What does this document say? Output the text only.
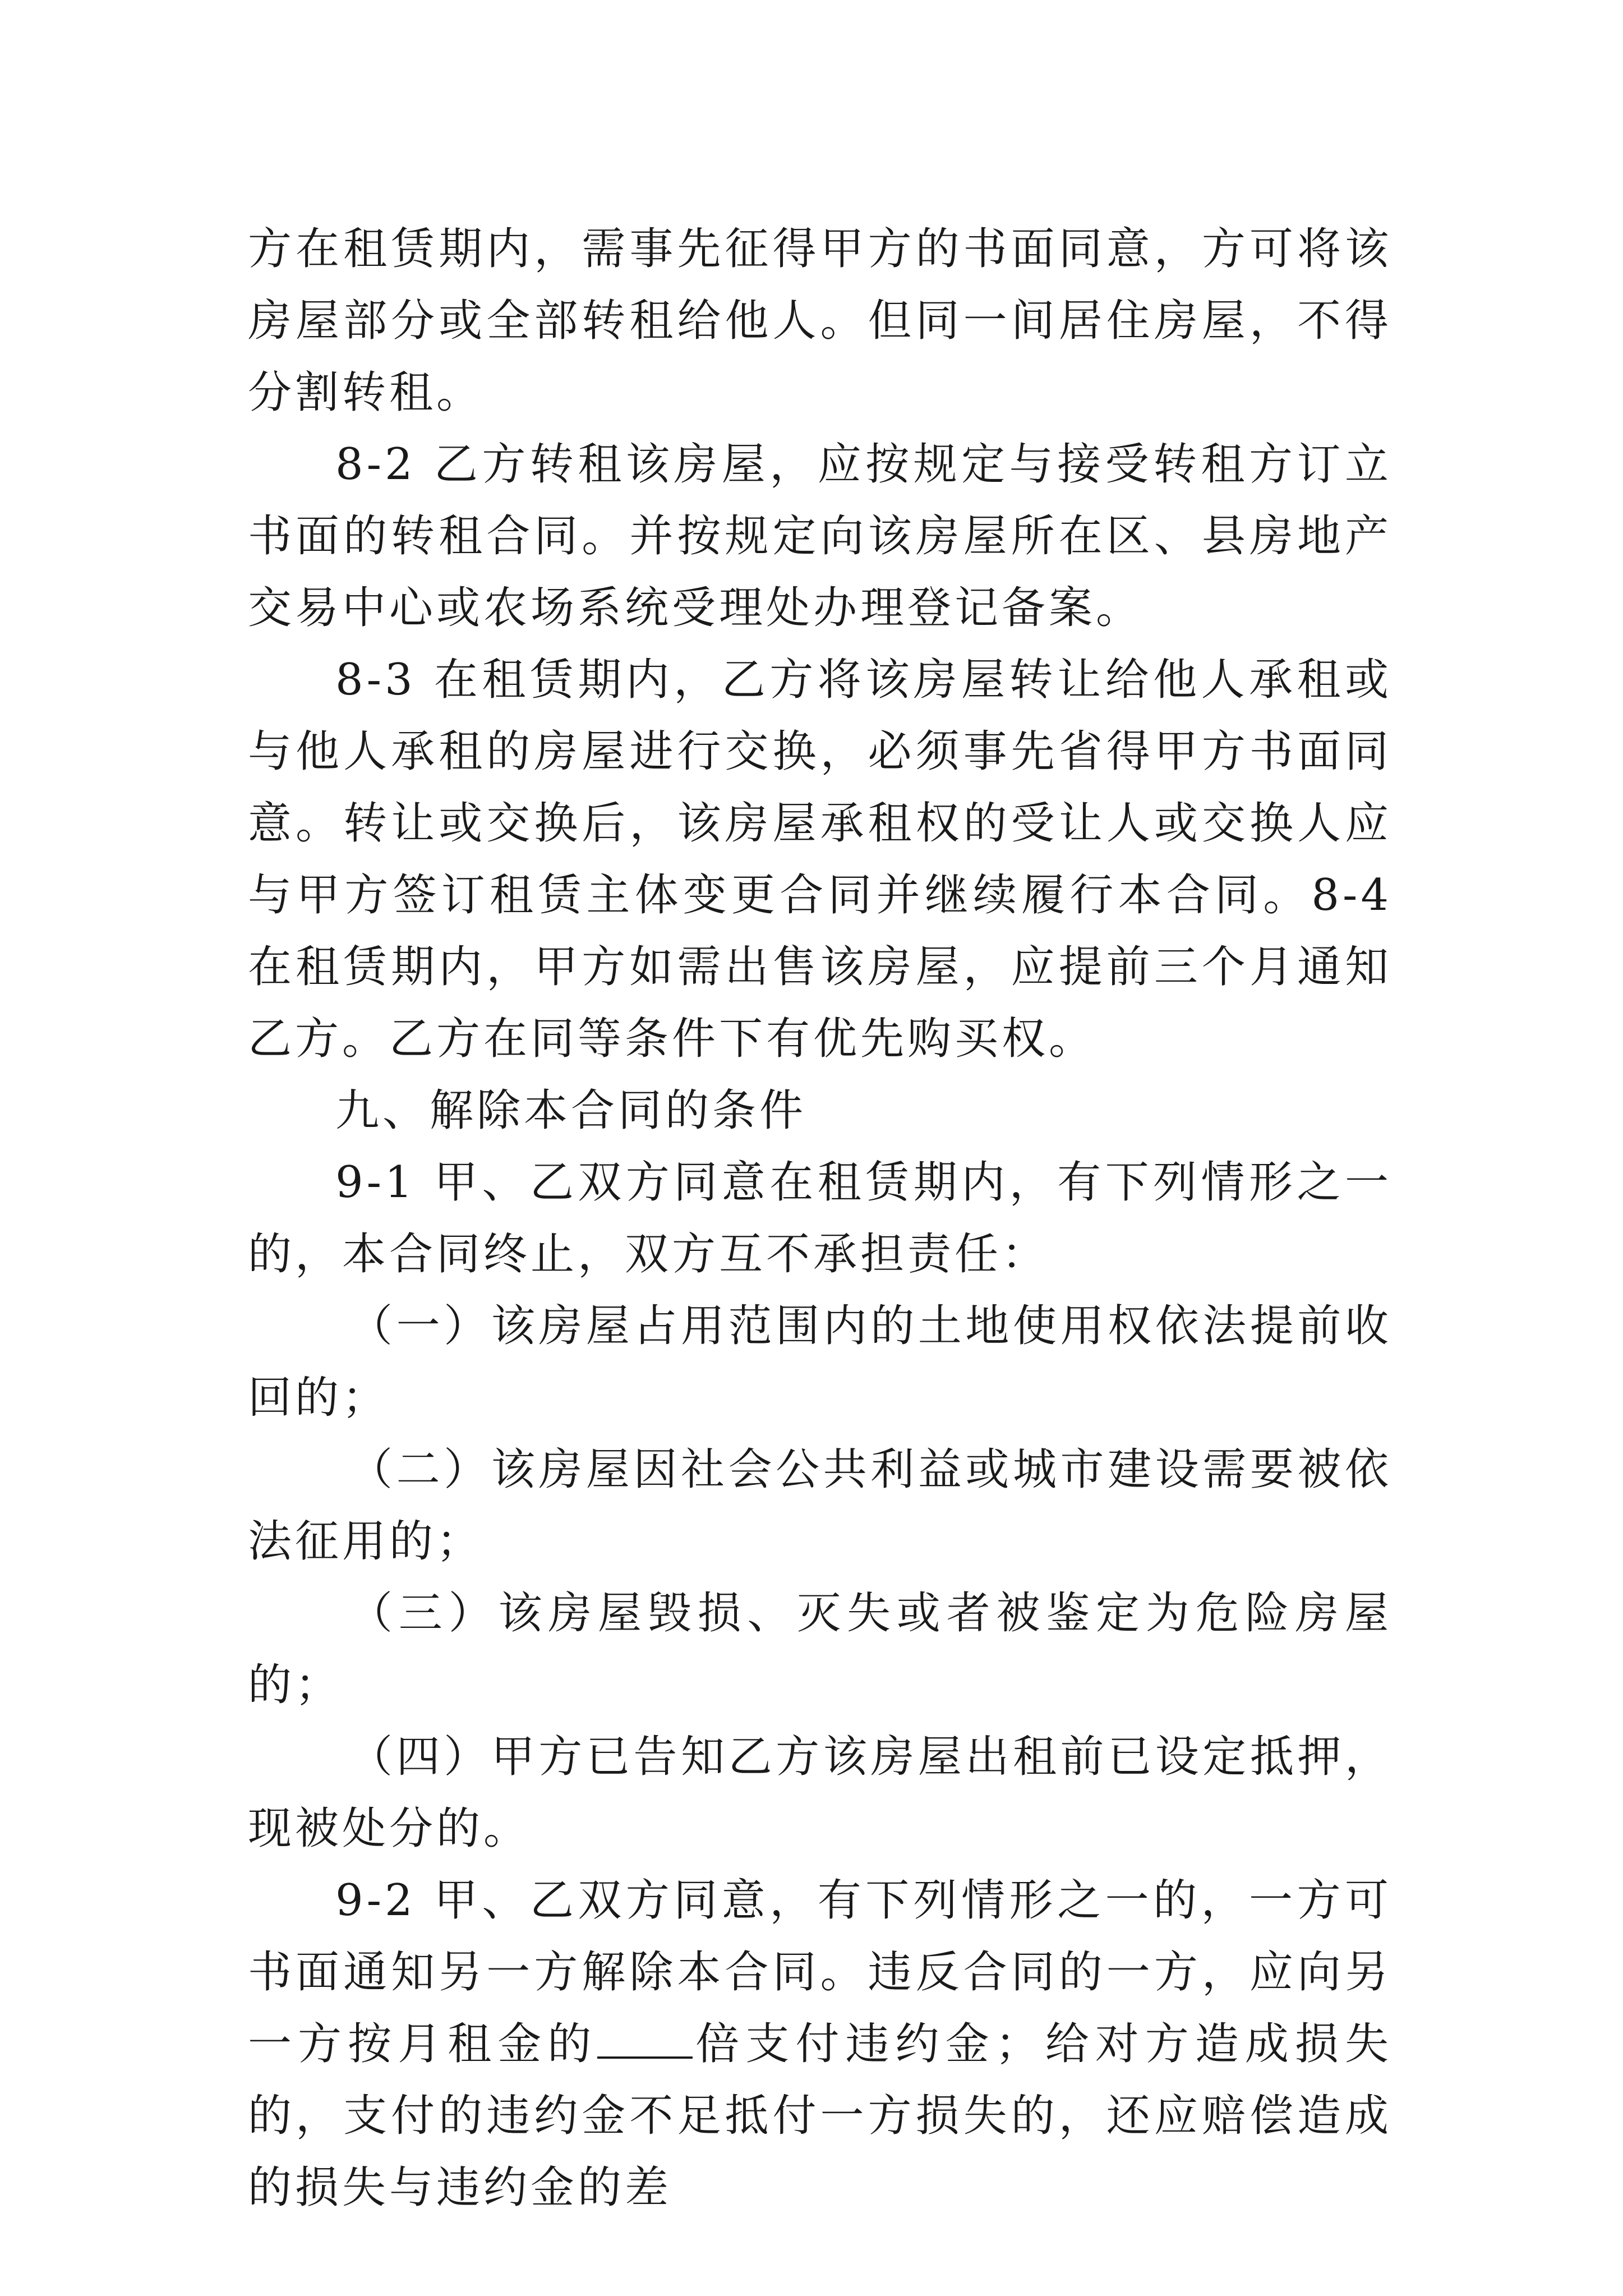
方在租赁期内，需事先征得甲方的书面同意，方可将该房屋部分或全部转租给他人。但同一间居住房屋，不得分割转租。

8-2 乙方转租该房屋，应按规定与接受转租方订立书面的转租合同。并按规定向该房屋所在区、县房地产交易中心或农场系统受理处办理登记备案。

8-3 在租赁期内，乙方将该房屋转让给他人承租或与他人承租的房屋进行交换，必须事先省得甲方书面同意。转让或交换后，该房屋承租权的受让人或交换人应与甲方签订租赁主体变更合同并继续履行本合同。8-4 在租赁期内，甲方如需出售该房屋，应提前三个月通知乙方。乙方在同等条件下有优先购买权。

九、解除本合同的条件

9-1 甲、乙双方同意在租赁期内，有下列情形之一的，本合同终止，双方互不承担责任：

（一）该房屋占用范围内的土地使用权依法提前收回的；

（二）该房屋因社会公共利益或城市建设需要被依法征用的；

（三）该房屋毁损、灭失或者被鉴定为危险房屋的；

（四）甲方已告知乙方该房屋出租前已设定抵押，现被处分的。

9-2 甲、乙双方同意，有下列情形之一的，一方可书面通知另一方解除本合同。违反合同的一方，应向另一方按月租金的 倍支付违约金；给对方造成损失的，支付的违约金不足抵付一方损失的，还应赔偿造成的损失与违约金的差
